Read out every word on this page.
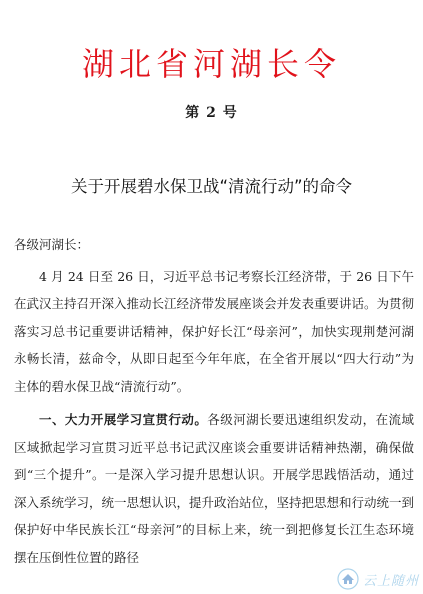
湖北省河湖长令
第 2 号
关于开展碧水保卫战“清流行动”的命令

各级河湖长：

4 月 24 日至 26 日，习近平总书记考察长江经济带，于 26 日下午在武汉主持召开深入推动长江经济带发展座谈会并发表重要讲话。为贯彻落实习总书记重要讲话精神，保护好长江“母亲河”，加快实现荆楚河湖永畅长清，兹命令，从即日起至今年年底，在全省开展以“四大行动”为主体的碧水保卫战“清流行动”。

一、大力开展学习宣贯行动。各级河湖长要迅速组织发动，在流域区域掀起学习宣贯习近平总书记武汉座谈会重要讲话精神热潮，确保做到“三个提升”。一是深入学习提升思想认识。开展学思践悟活动，通过深入系统学习，统一思想认识，提升政治站位，坚持把思想和行动统一到保护好中华民族长江“母亲河”的目标上来，统一到把修复长江生态环境摆在压倒性位置的路径

云上随州
